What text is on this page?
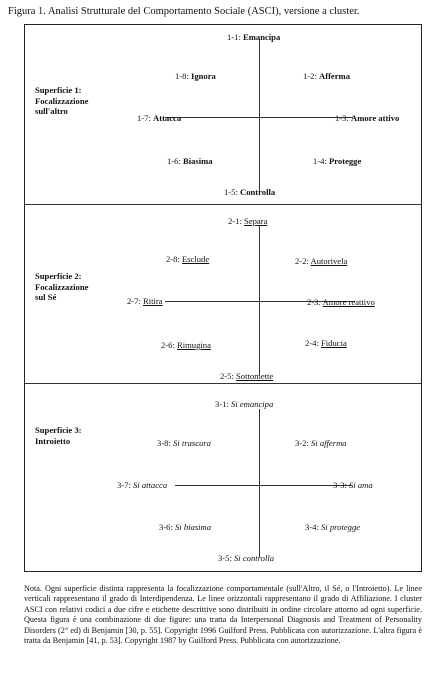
Figura 1. Analisi Strutturale del Comportamento Sociale (ASCI), versione a cluster.
Superficie 1:
Focalizzazione
sull'altro
1-1: Emancipa
1-8: Ignora	1-2: Afferma
1-7: Attacca	1-3: Amore attivo
1-6: Biasima	1-4: Protegge
1-5: Controlla
Superficie 2:
Focalizzazione
sul Sé
2-1: Separa
2-8: Esclude	2-2: Autorivela
2-7: Ritira	2-3: Amore reattivo
2-6: Rimugina	2-4: Fiducia
2-5: Sottomette
Superficie 3:
Introietto
3-1: Si emancipa
3-8: Si trascura	3-2: Si afferma
3-7: Si attacca	3-3: Si ama
3-6: Si biasima	3-4: Si protegge
3-5: Si controlla
Nota. Ogni superficie distinta rappresenta la focalizzazione comportamentale (sull'Altro, il Sé, o l'Introietto). Le linee verticali rappresentano il grado di Interdipendenza. Le linee orizzontali rappresentano il grado di Affiliazione. I cluster ASCI con relativi codici a due cifre e etichette descrittive sono distribuiti in ordine circolare attorno ad ogni superficie. Questa figura è una combinazione di due figure: una tratta da Interpersonal Diagnosis and Treatment of Personality Disorders (2° ed) di Benjamin [30, p. 55]. Copyright 1996 Guilford Press. Pubblicata con autorizzazione. L'altra figura è tratta da Benjamin [41, p. 53]. Copyright 1987 by Guilford Press. Pubblicata con autorizzazione.
